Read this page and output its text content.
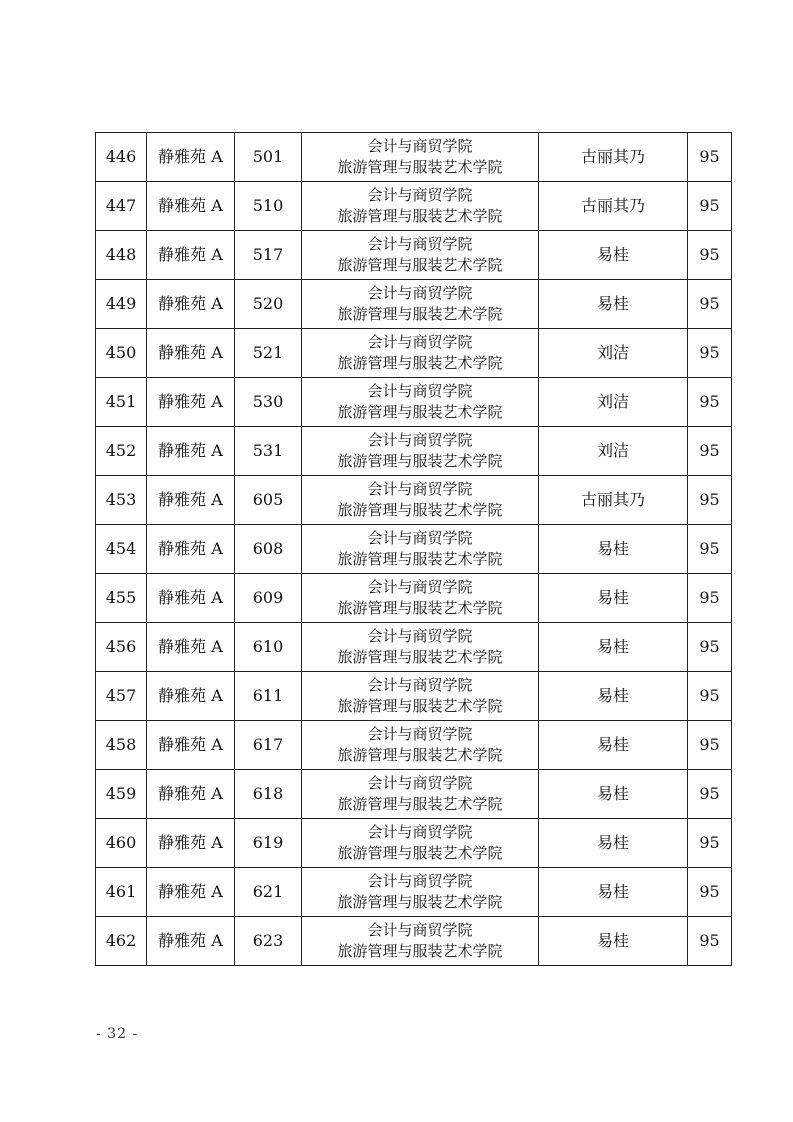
446	静雅苑 A	501	会计与商贸学院
旅游管理与服装艺术学院	古丽其乃	95
447	静雅苑 A	510	会计与商贸学院
旅游管理与服装艺术学院	古丽其乃	95
448	静雅苑 A	517	会计与商贸学院
旅游管理与服装艺术学院	易桂	95
449	静雅苑 A	520	会计与商贸学院
旅游管理与服装艺术学院	易桂	95
450	静雅苑 A	521	会计与商贸学院
旅游管理与服装艺术学院	刘洁	95
451	静雅苑 A	530	会计与商贸学院
旅游管理与服装艺术学院	刘洁	95
452	静雅苑 A	531	会计与商贸学院
旅游管理与服装艺术学院	刘洁	95
453	静雅苑 A	605	会计与商贸学院
旅游管理与服装艺术学院	古丽其乃	95
454	静雅苑 A	608	会计与商贸学院
旅游管理与服装艺术学院	易桂	95
455	静雅苑 A	609	会计与商贸学院
旅游管理与服装艺术学院	易桂	95
456	静雅苑 A	610	会计与商贸学院
旅游管理与服装艺术学院	易桂	95
457	静雅苑 A	611	会计与商贸学院
旅游管理与服装艺术学院	易桂	95
458	静雅苑 A	617	会计与商贸学院
旅游管理与服装艺术学院	易桂	95
459	静雅苑 A	618	会计与商贸学院
旅游管理与服装艺术学院	易桂	95
460	静雅苑 A	619	会计与商贸学院
旅游管理与服装艺术学院	易桂	95
461	静雅苑 A	621	会计与商贸学院
旅游管理与服装艺术学院	易桂	95
462	静雅苑 A	623	会计与商贸学院
旅游管理与服装艺术学院	易桂	95
- 32 -
